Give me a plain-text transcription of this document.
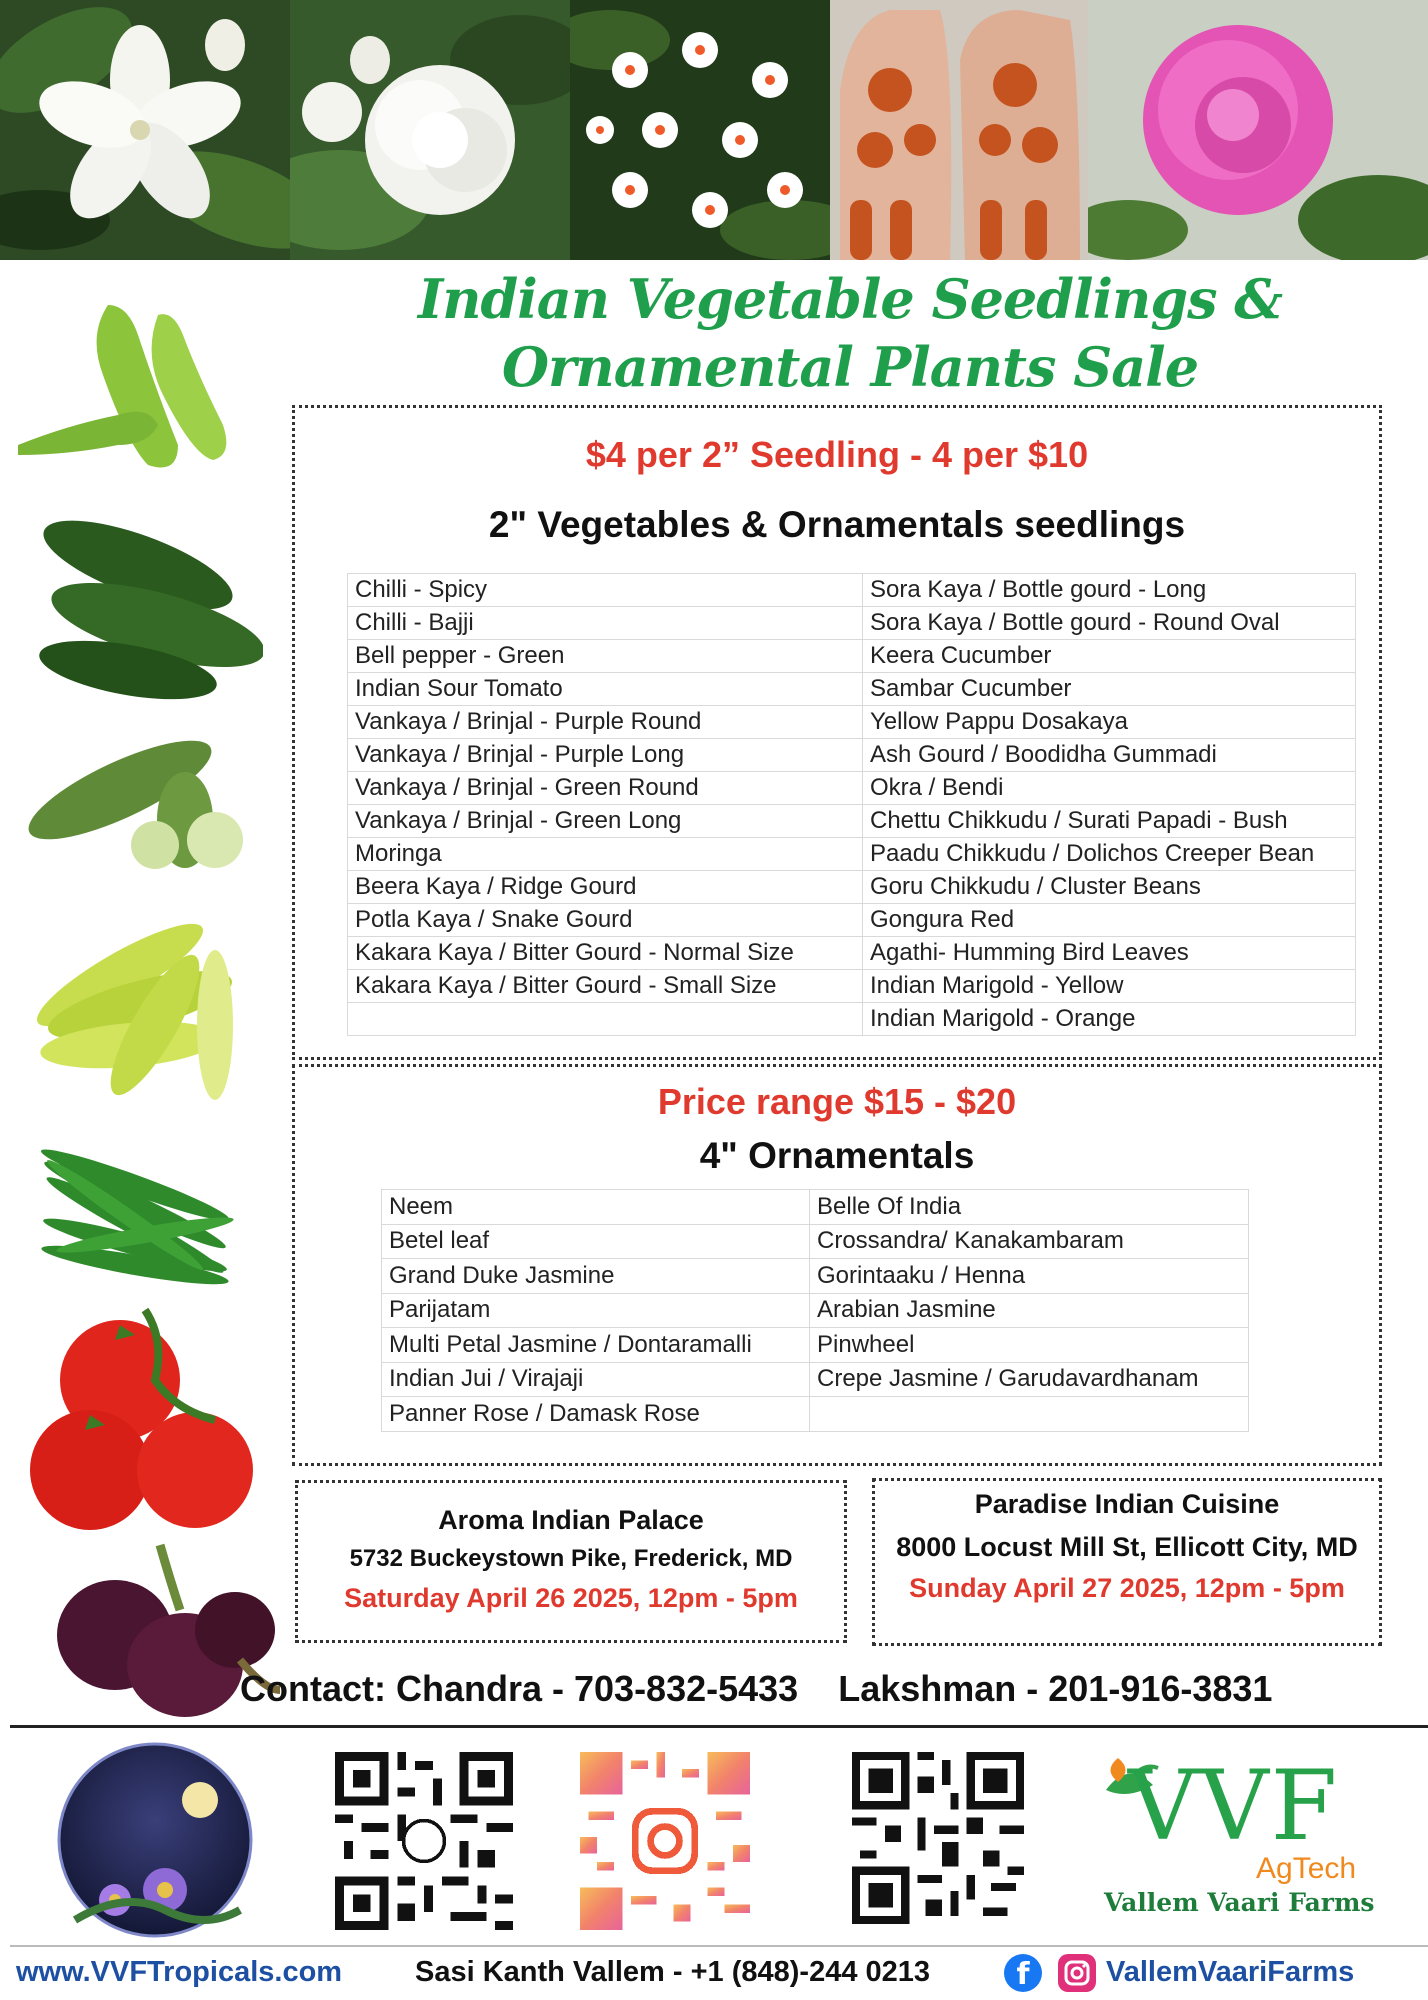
Indian Vegetable Seedlings &
Ornamental Plants Sale
$4 per 2” Seedling - 4 per $10
2" Vegetables & Ornamentals seedlings
Chilli - Spicy	Sora Kaya / Bottle gourd - Long
Chilli - Bajji	Sora Kaya / Bottle gourd - Round Oval
Bell pepper - Green	Keera Cucumber
Indian Sour Tomato	Sambar Cucumber
Vankaya / Brinjal - Purple Round	Yellow Pappu Dosakaya
Vankaya / Brinjal - Purple Long	Ash Gourd / Boodidha Gummadi
Vankaya / Brinjal - Green Round	Okra / Bendi
Vankaya / Brinjal - Green Long	Chettu Chikkudu / Surati Papadi - Bush
Moringa	Paadu Chikkudu / Dolichos Creeper Bean
Beera Kaya / Ridge Gourd	Goru Chikkudu / Cluster Beans
Potla Kaya / Snake Gourd	Gongura Red
Kakara Kaya / Bitter Gourd - Normal Size	Agathi- Humming Bird Leaves
Kakara Kaya / Bitter Gourd - Small Size	Indian Marigold - Yellow
	Indian Marigold - Orange
Price range $15 - $20
4" Ornamentals
Neem	Belle Of India
Betel leaf	Crossandra/ Kanakambaram
Grand Duke Jasmine	Gorintaaku / Henna
Parijatam	Arabian Jasmine
Multi Petal Jasmine / Dontaramalli	Pinwheel
Indian Jui / Virajaji	Crepe Jasmine / Garudavardhanam
Panner Rose / Damask Rose	
Aroma Indian Palace
5732 Buckeystown Pike, Frederick, MD
Saturday April 26 2025, 12pm - 5pm
Paradise Indian Cuisine
8000 Locust Mill St, Ellicott City, MD
Sunday April 27 2025, 12pm - 5pm
Contact: Chandra - 703-832-5433    Lakshman - 201-916-3831
VVF
AgTech
Vallem Vaari Farms
www.VVFTropicals.com	Sasi Kanth Vallem - +1 (848)-244 0213	f	VallemVaariFarms
